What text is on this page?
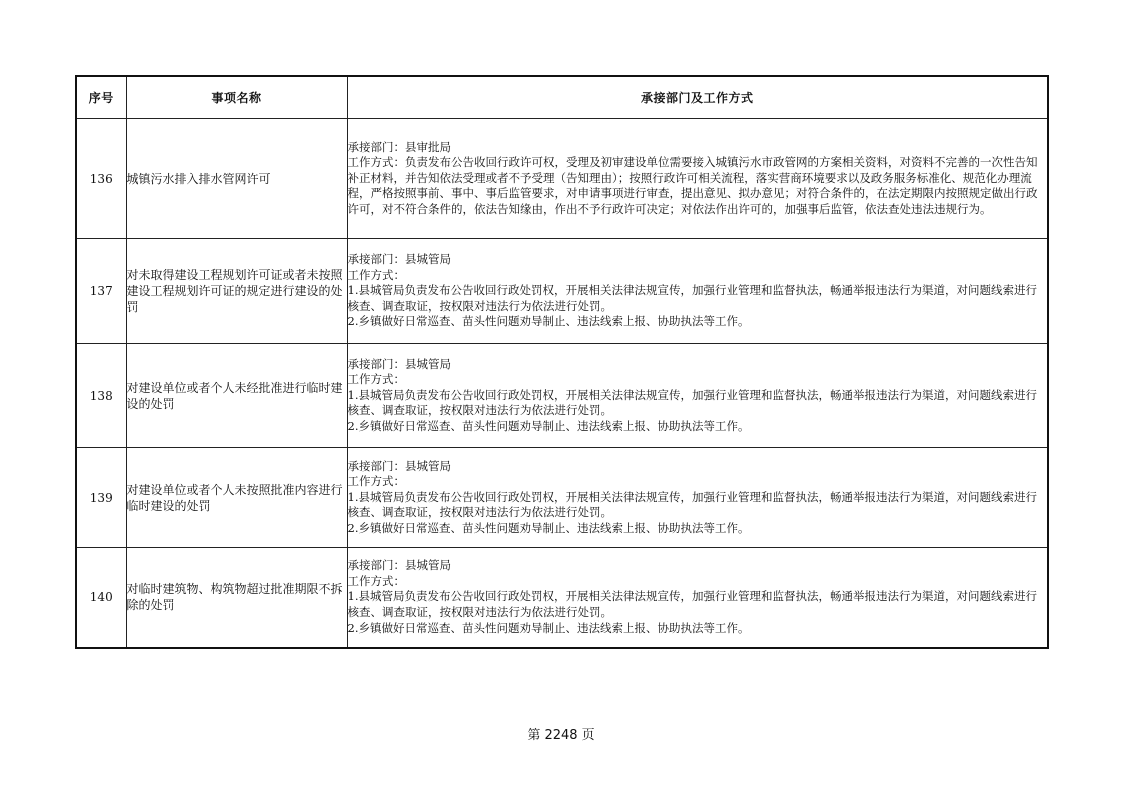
序号	事项名称	承接部门及工作方式
136	城镇污水排入排水管网许可	承接部门：县审批局
工作方式：负责发布公告收回行政许可权，受理及初审建设单位需要接入城镇污水市政管网的方案相关资料，对资料不完善的一次性告知补正材料，并告知依法受理或者不予受理（告知理由）；按照行政许可相关流程，落实营商环境要求以及政务服务标准化、规范化办理流程，严格按照事前、事中、事后监管要求，对申请事项进行审查，提出意见、拟办意见；对符合条件的，在法定期限内按照规定做出行政许可，对不符合条件的，依法告知缘由，作出不予行政许可决定；对依法作出许可的，加强事后监管，依法查处违法违规行为。

137	对未取得建设工程规划许可证或者未按照建设工程规划许可证的规定进行建设的处罚	承接部门：县城管局
工作方式：
1.县城管局负责发布公告收回行政处罚权，开展相关法律法规宣传，加强行业管理和监督执法，畅通举报违法行为渠道，对问题线索进行核查、调查取证，按权限对违法行为依法进行处罚。
2.乡镇做好日常巡查、苗头性问题劝导制止、违法线索上报、协助执法等工作。

138	对建设单位或者个人未经批准进行临时建设的处罚	承接部门：县城管局
工作方式：
1.县城管局负责发布公告收回行政处罚权，开展相关法律法规宣传，加强行业管理和监督执法，畅通举报违法行为渠道，对问题线索进行核查、调查取证，按权限对违法行为依法进行处罚。
2.乡镇做好日常巡查、苗头性问题劝导制止、违法线索上报、协助执法等工作。

139	对建设单位或者个人未按照批准内容进行临时建设的处罚	承接部门：县城管局
工作方式：
1.县城管局负责发布公告收回行政处罚权，开展相关法律法规宣传，加强行业管理和监督执法，畅通举报违法行为渠道，对问题线索进行核查、调查取证，按权限对违法行为依法进行处罚。
2.乡镇做好日常巡查、苗头性问题劝导制止、违法线索上报、协助执法等工作。

140	对临时建筑物、构筑物超过批准期限不拆除的处罚	承接部门：县城管局
工作方式：
1.县城管局负责发布公告收回行政处罚权，开展相关法律法规宣传，加强行业管理和监督执法，畅通举报违法行为渠道，对问题线索进行核查、调查取证，按权限对违法行为依法进行处罚。
2.乡镇做好日常巡查、苗头性问题劝导制止、违法线索上报、协助执法等工作。
第 2248 页
